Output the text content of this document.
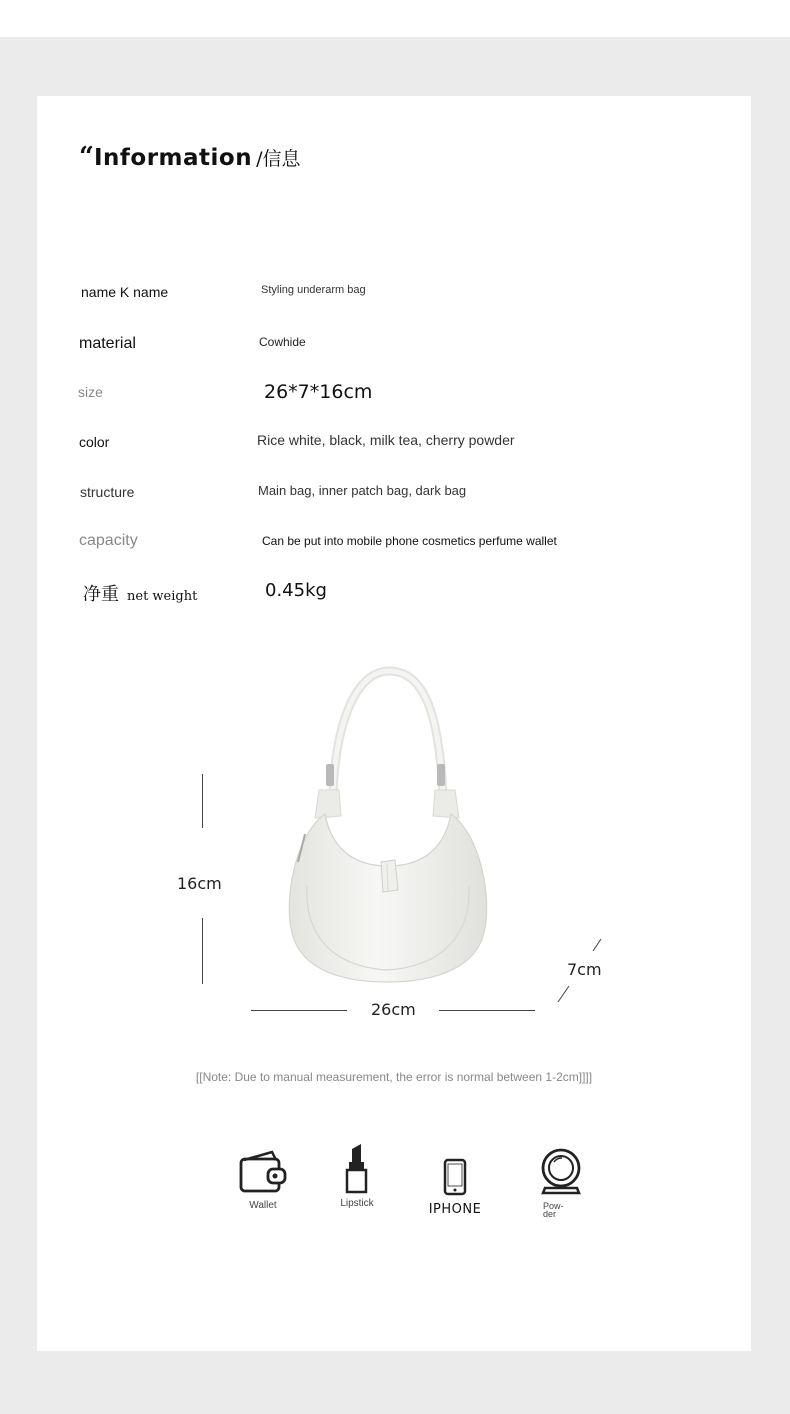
“Information /信息
name K name	Styling underarm bag
material	Cowhide
size	26*7*16cm
color	Rice white, black, milk tea, cherry powder
structure	Main bag, inner patch bag, dark bag
capacity	Can be put into mobile phone cosmetics perfume wallet
净重 net weight	0.45kg
16cm
26cm
7cm
[[Note: Due to manual measurement, the error is normal between 1-2cm]]]]
Wallet	Lipstick	IPHONE	Pow-
der
